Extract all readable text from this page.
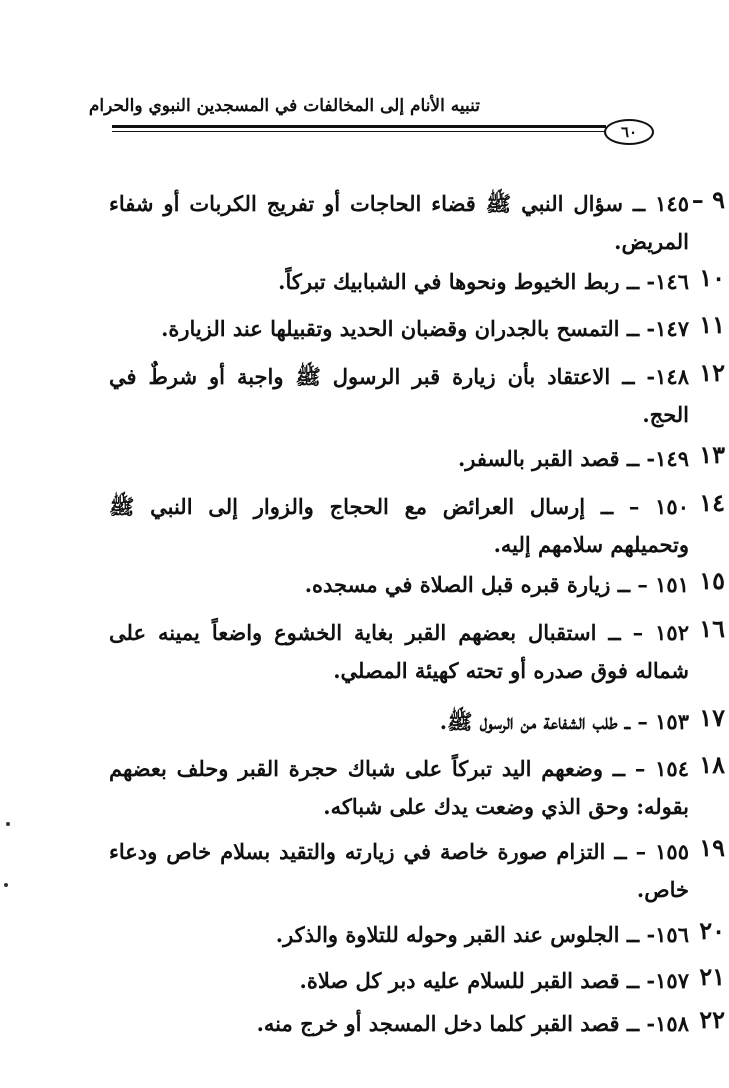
تنبيه الأنام إلى المخالفات في المسجدين النبوي والحرام
٦٠
٩ –
١٤٥ ــ سؤال النبي ﷺ قضاء الحاجات أو تفريج الكربات أو شفاء المريض.
١٠
١٤٦- ــ ربط الخيوط ونحوها في الشبابيك تبركاً.
١١
١٤٧- ــ التمسح بالجدران وقضبان الحديد وتقبيلها عند الزيارة.
١٢
١٤٨- ــ الاعتقاد بأن زيارة قبر الرسول ﷺ واجبة أو شرطٌ في الحج.
١٣
١٤٩- ــ قصد القبر بالسفر.
١٤
١٥٠ – ــ إرسال العرائض مع الحجاج والزوار إلى النبي ﷺ وتحميلهم سلامهم إليه.
١٥
١٥١ – ــ زيارة قبره قبل الصلاة في مسجده.
١٦
١٥٢ – ــ استقبال بعضهم القبر بغاية الخشوع واضعاً يمينه على شماله فوق صدره أو تحته كهيئة المصلي.
١٧
١٥٣ – ــ طلب الشفاعة من الرسول ﷺ.
١٨
١٥٤ – ــ وضعهم اليد تبركاً على شباك حجرة القبر وحلف بعضهم بقوله: وحق الذي وضعت يدك على شباكه.
١٩
١٥٥ – ــ التزام صورة خاصة في زيارته والتقيد بسلام خاص ودعاء خاص.
٢٠
١٥٦- ــ الجلوس عند القبر وحوله للتلاوة والذكر.
٢١
١٥٧- ــ قصد القبر للسلام عليه دبر كل صلاة.
٢٢
١٥٨- ــ قصد القبر كلما دخل المسجد أو خرج منه.
